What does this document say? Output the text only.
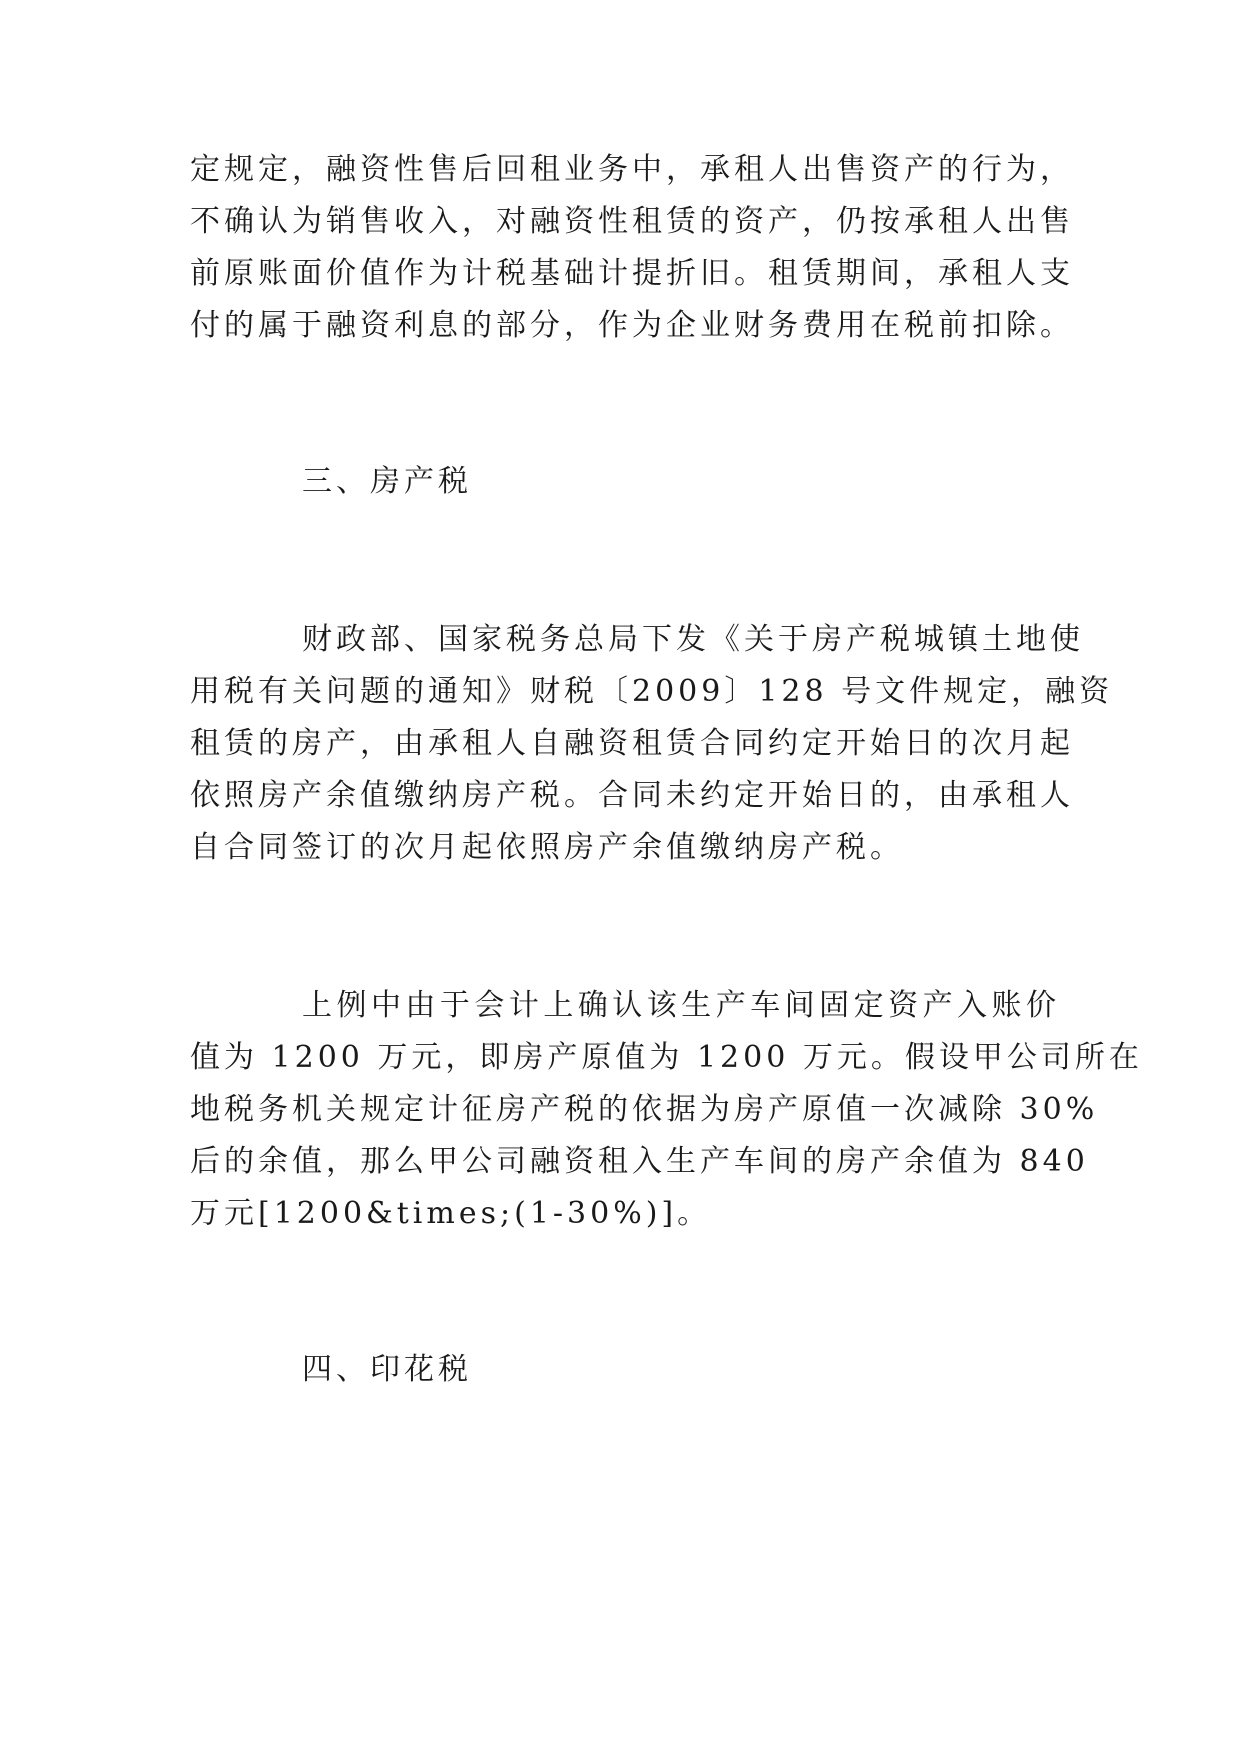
定规定，融资性售后回租业务中，承租人出售资产的行为，
不确认为销售收入，对融资性租赁的资产，仍按承租人出售
前原账面价值作为计税基础计提折旧。租赁期间，承租人支
付的属于融资利息的部分，作为企业财务费用在税前扣除。
三、房产税
财政部、国家税务总局下发《关于房产税城镇土地使
用税有关问题的通知》财税〔2009〕128 号文件规定，融资
租赁的房产，由承租人自融资租赁合同约定开始日的次月起
依照房产余值缴纳房产税。合同未约定开始日的，由承租人
自合同签订的次月起依照房产余值缴纳房产税。
上例中由于会计上确认该生产车间固定资产入账价
值为 1200 万元，即房产原值为 1200 万元。假设甲公司所在
地税务机关规定计征房产税的依据为房产原值一次减除 30%
后的余值，那么甲公司融资租入生产车间的房产余值为 840
万元[1200&times;(1-30%)]。
四、印花税
